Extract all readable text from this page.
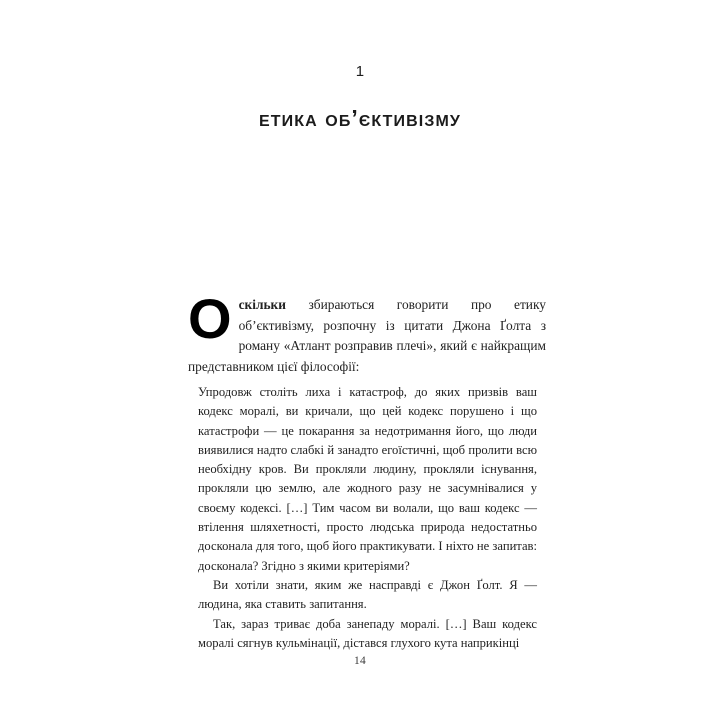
1
етика об’єктивізму

Оскільки збираються говорити про етику об’єктивізму, розпочну із цитати Джона Ґолта з роману «Атлант розправив плечі», який є найкращим представником цієї філософії:

Упродовж століть лиха і катастроф, до яких призвів ваш кодекс моралі, ви кричали, що цей кодекс порушено і що катастрофи — це покарання за недотримання його, що люди виявилися надто слабкі й занадто егоїстичні, щоб пролити всю необхідну кров. Ви прокляли людину, прокляли існування, прокляли цю землю, але жодного разу не засумнівалися у своєму кодексі. […] Тим часом ви волали, що ваш кодекс — втілення шляхетності, просто людська природа недостатньо досконала для того, щоб його практикувати. І ніхто не запитав: досконала? Згідно з якими критеріями?

Ви хотіли знати, яким же насправді є Джон Ґолт. Я — людина, яка ставить запитання.

Так, зараз триває доба занепаду моралі. […] Ваш кодекс моралі сягнув кульмінації, дістався глухого кута наприкінці

14
